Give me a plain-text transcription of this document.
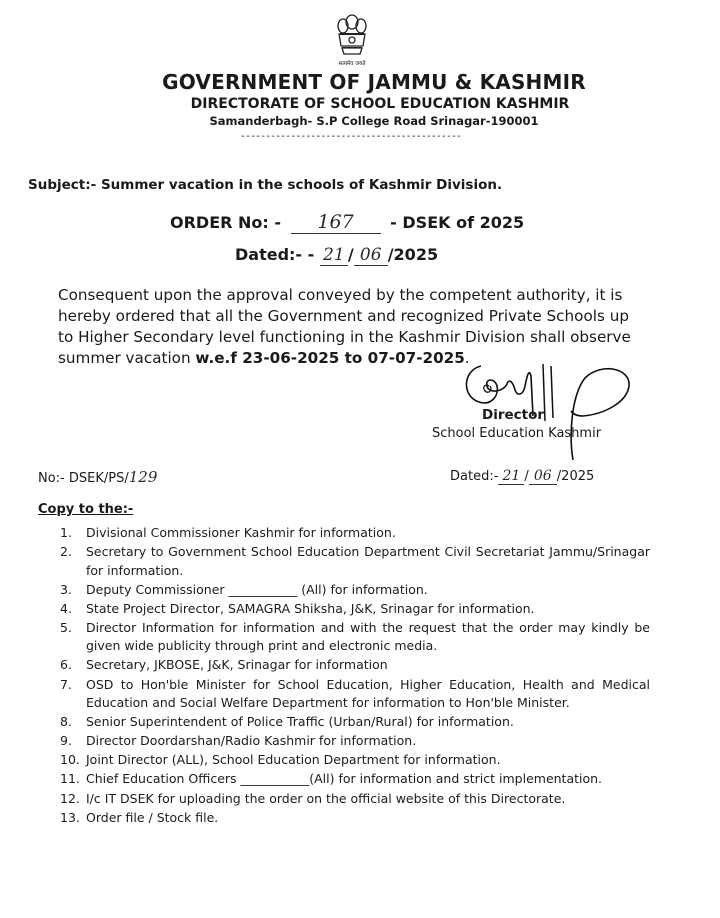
सत्यमेव जयते
GOVERNMENT OF JAMMU & KASHMIR
DIRECTORATE OF SCHOOL EDUCATION KASHMIR
Samanderbagh- S.P College Road Srinagar-190001
--------------------------------------------
Subject:- Summer vacation in the schools of Kashmir Division.
ORDER No: - 167 - DSEK of 2025
Dated:- - 21 / 06 /2025
Consequent upon the approval conveyed by the competent authority, it is hereby ordered that all the Government and recognized Private Schools up to Higher Secondary level functioning in the Kashmir Division shall observe summer vacation w.e.f 23-06-2025 to 07-07-2025.
Director
School Education Kashmir
No:- DSEK/PS/129	Dated:- 21 / 06 /2025
Copy to the:-
1.	Divisional Commissioner Kashmir for information.
2.	Secretary to Government School Education Department Civil Secretariat Jammu/Srinagar for information.
3.	Deputy Commissioner ___________ (All) for information.
4.	State Project Director, SAMAGRA Shiksha, J&K, Srinagar for information.
5.	Director Information for information and with the request that the order may kindly be given wide publicity through print and electronic media.
6.	Secretary, JKBOSE, J&K, Srinagar for information
7.	OSD to Hon'ble Minister for School Education, Higher Education, Health and Medical Education and Social Welfare Department for information to Hon'ble Minister.
8.	Senior Superintendent of Police Traffic (Urban/Rural) for information.
9.	Director Doordarshan/Radio Kashmir for information.
10. Joint Director (ALL), School Education Department for information.
11. Chief Education Officers ___________(All) for information and strict implementation.
12. I/c IT DSEK for uploading the order on the official website of this Directorate.
13. Order file / Stock file.
